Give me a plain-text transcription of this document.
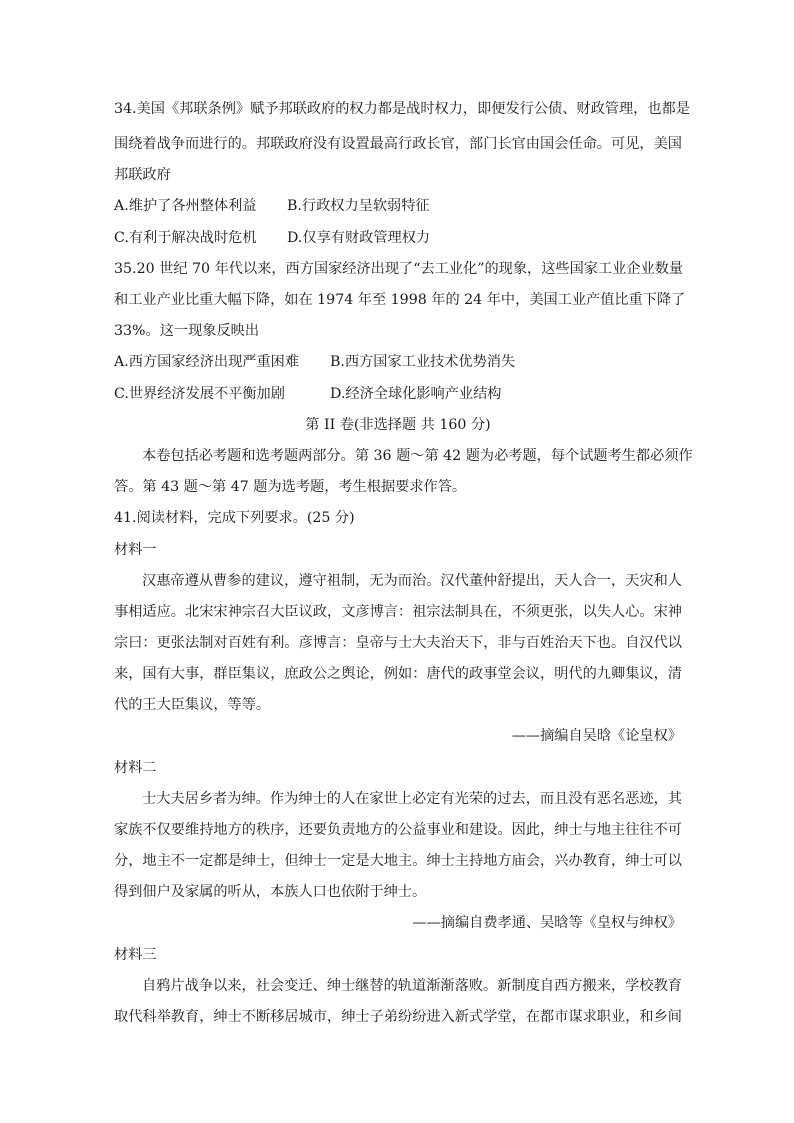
34.美国《邦联条例》赋予邦联政府的权力都是战时权力，即便发行公债、财政管理，也都是
围绕着战争而进行的。邦联政府没有设置最高行政长官，部门长官由国会任命。可见，美国
邦联政府
A.维护了各州整体利益 B.行政权力呈软弱特征
C.有利于解决战时危机 D.仅享有财政管理权力
35.20 世纪 70 年代以来，西方国家经济出现了“去工业化”的现象，这些国家工业企业数量
和工业产业比重大幅下降，如在 1974 年至 1998 年的 24 年中，美国工业产值比重下降了
33%。这一现象反映出
A.西方国家经济出现严重困难 B.西方国家工业技术优势消失
C.世界经济发展不平衡加剧	D.经济全球化影响产业结构
第 II 卷(非选择题 共 160 分)
本卷包括必考题和选考题两部分。第 36 题～第 42 题为必考题，每个试题考生都必须作
答。第 43 题～第 47 题为选考题，考生根据要求作答。
41.阅读材料，完成下列要求。(25 分)
材料一
汉惠帝遵从曹参的建议，遵守祖制，无为而治。汉代董仲舒提出，天人合一，天灾和人
事相适应。北宋宋神宗召大臣议政，文彦博言：祖宗法制具在，不须更张，以失人心。宋神
宗曰：更张法制对百姓有利。彦博言：皇帝与士大夫治天下，非与百姓治天下也。自汉代以
来，国有大事，群臣集议，庶政公之舆论，例如：唐代的政事堂会议，明代的九卿集议，清
代的王大臣集议，等等。
——摘编自吴晗《论皇权》
材料二
士大夫居乡者为绅。作为绅士的人在家世上必定有光荣的过去，而且没有恶名恶迹，其
家族不仅要维持地方的秩序，还要负责地方的公益事业和建设。因此，绅士与地主往往不可
分，地主不一定都是绅士，但绅士一定是大地主。绅士主持地方庙会，兴办教育，绅士可以
得到佃户及家属的听从，本族人口也依附于绅士。
——摘编自费孝通、吴晗等《皇权与绅权》
材料三
自鸦片战争以来，社会变迁、绅士继替的轨道渐渐落败。新制度自西方搬来，学校教育
取代科举教育，绅士不断移居城市，绅士子弟纷纷进入新式学堂，在都市谋求职业，和乡间
